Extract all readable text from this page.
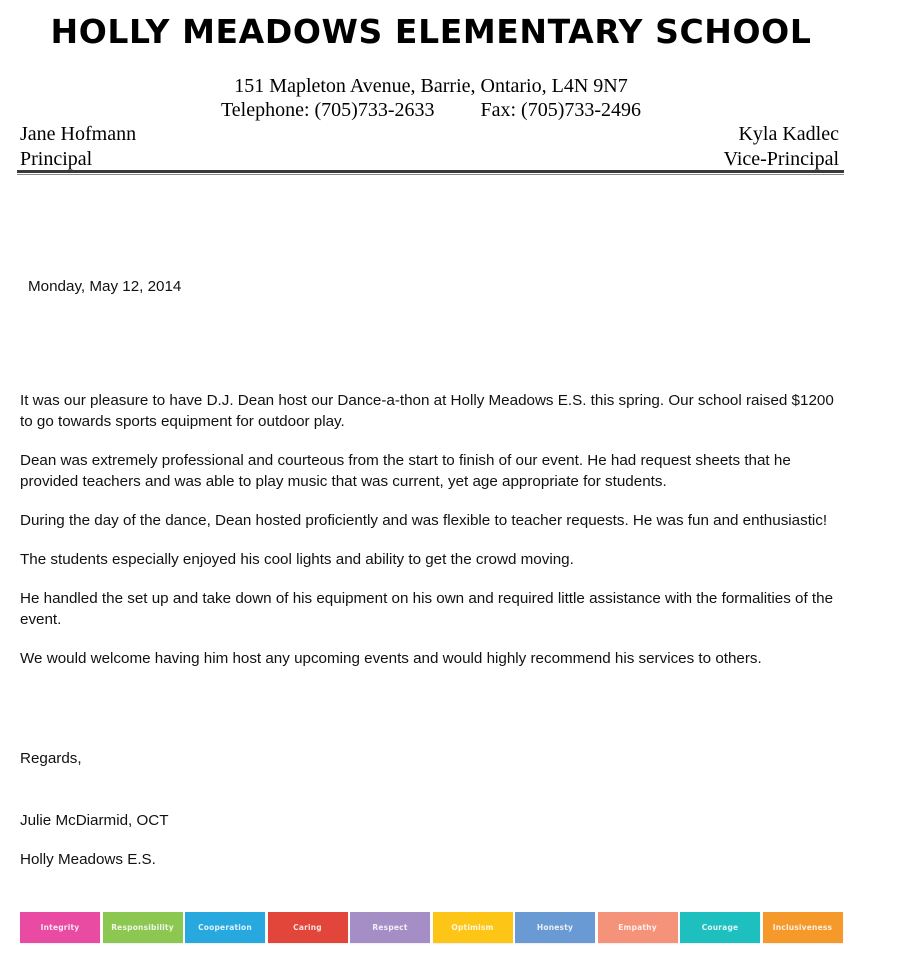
HOLLY MEADOWS ELEMENTARY SCHOOL
151 Mapleton Avenue, Barrie, Ontario, L4N 9N7
Telephone: (705)733-2633 Fax: (705)733-2496
Jane Hofmann
Principal
Kyla Kadlec
Vice-Principal
Monday, May 12, 2014

It was our pleasure to have D.J. Dean host our Dance-a-thon at Holly Meadows E.S. this spring. Our school raised $1200 to go towards sports equipment for outdoor play.

Dean was extremely professional and courteous from the start to finish of our event. He had request sheets that he provided teachers and was able to play music that was current, yet age appropriate for students.

During the day of the dance, Dean hosted proficiently and was flexible to teacher requests. He was fun and enthusiastic!

The students especially enjoyed his cool lights and ability to get the crowd moving.

He handled the set up and take down of his equipment on his own and required little assistance with the formalities of the event.

We would welcome having him host any upcoming events and would highly recommend his services to others.

Regards,
Julie McDiarmid, OCT
Holly Meadows E.S.
Integrity	Responsibility	Cooperation	Caring	Respect	Optimism	Honesty	Empathy	Courage	Inclusiveness
